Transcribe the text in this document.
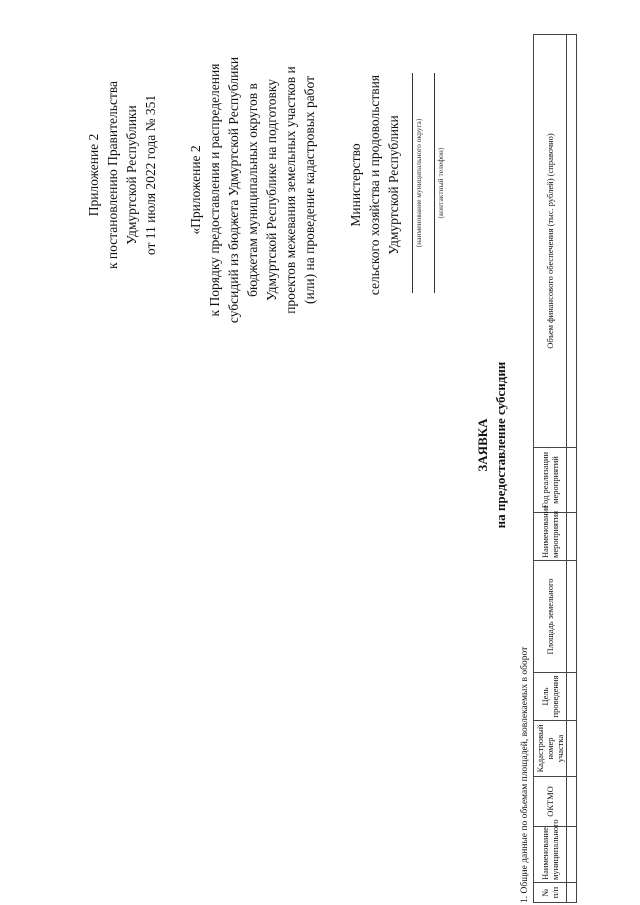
Приложение 2 к постановлению Правительства Удмуртской Республики от 11 июля 2022 года № 351 «Приложение 2 к Порядку предоставления и распределения субсидий из бюджета Удмуртской Республики бюджетам муниципальных округов в Удмуртской Республике на подготовку проектов межевания земельных участков и (или) на проведение кадастровых работ Министерство сельского хозяйства и продовольствия Удмуртской Республики (наименование муниципального округа) (контактный телефон)
ЗАЯВКА на предоставление субсидии
1. Общие данные по объемам площадей, вовлекаемых в оборот № п/п	Наименование муниципального	ОКТМО	Кадастровый номер участка	Цель проведения	Площадь земельного	Наименование мероприятия	Год реализации мероприятий	Объем финансового обеспечения (тыс. рублей) (справочно)
